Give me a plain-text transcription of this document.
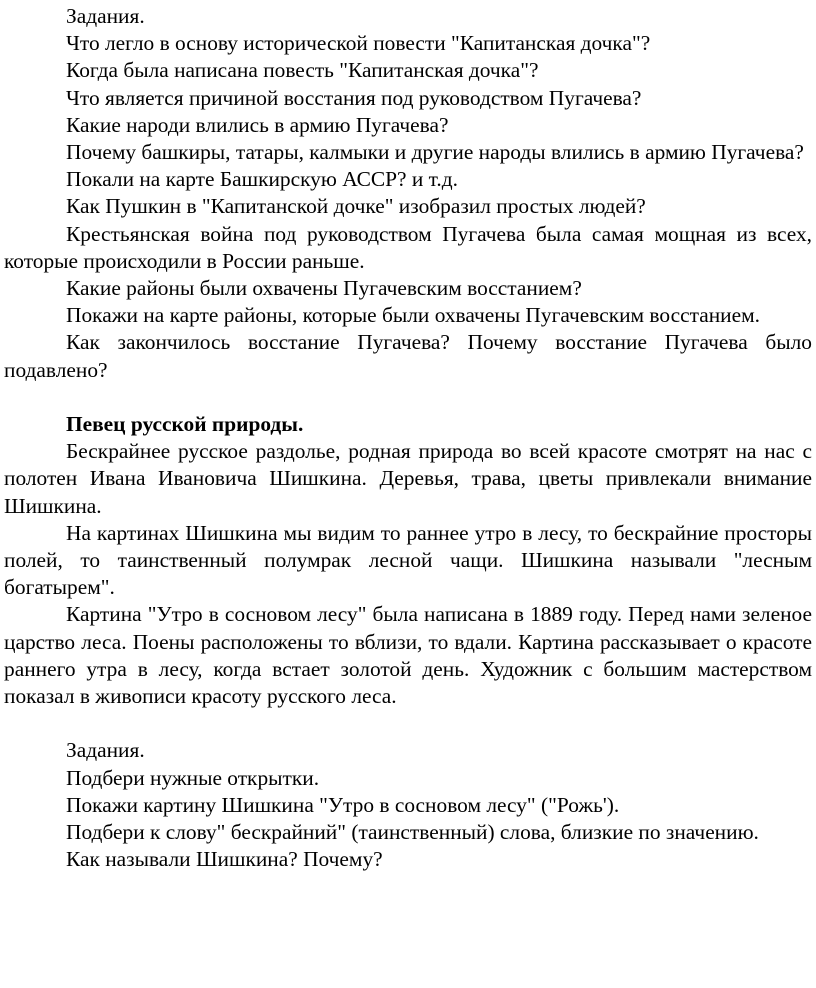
Задания.

Что легло в основу исторической повести "Капитанская дочка"?

Когда была написана повесть "Капитанская дочка"?

Что является причиной восстания под руководством Пугачева?

Какие народи влились в армию Пугачева?

Почему башкиры, татары, калмыки и другие народы влились в армию Пугачева?

Покали на карте Башкирскую АССР? и т.д.

Как Пушкин в "Капитанской дочке" изобразил простых людей?

Крестьянская война под руководством Пугачева была самая мощная из всех, которые происходили в России раньше.

Какие районы были охвачены Пугачевским восстанием?

Покажи на карте районы, которые были охвачены Пугачевским восстанием.

Как закончилось восстание Пугачева? Почему восстание Пугачева было подавлено?

Певец русской природы.

Бескрайнее русское раздолье, родная природа во всей красоте смотрят на нас с полотен Ивана Ивановича Шишкина. Деревья, трава, цветы привлекали внимание Шишкина.

На картинах Шишкина мы видим то раннее утро в лесу, то бескрайние просторы полей, то таинственный полумрак лесной чащи. Шишкина называли "лесным богатырем".

Картина "Утро в сосновом лесу" была написана в 1889 году. Перед нами зеленое царство леса. Поены расположены то вблизи, то вдали. Картина рассказывает о красоте раннего утра в лесу, когда встает золотой день. Художник с большим мастерством показал в живописи красоту русского леса.

Задания.

Подбери нужные открытки.

Покажи картину Шишкина "Утро в сосновом лесу" ("Рожь').

Подбери к слову" бескрайний" (таинственный) слова, близкие по значению.

Как называли Шишкина? Почему?
